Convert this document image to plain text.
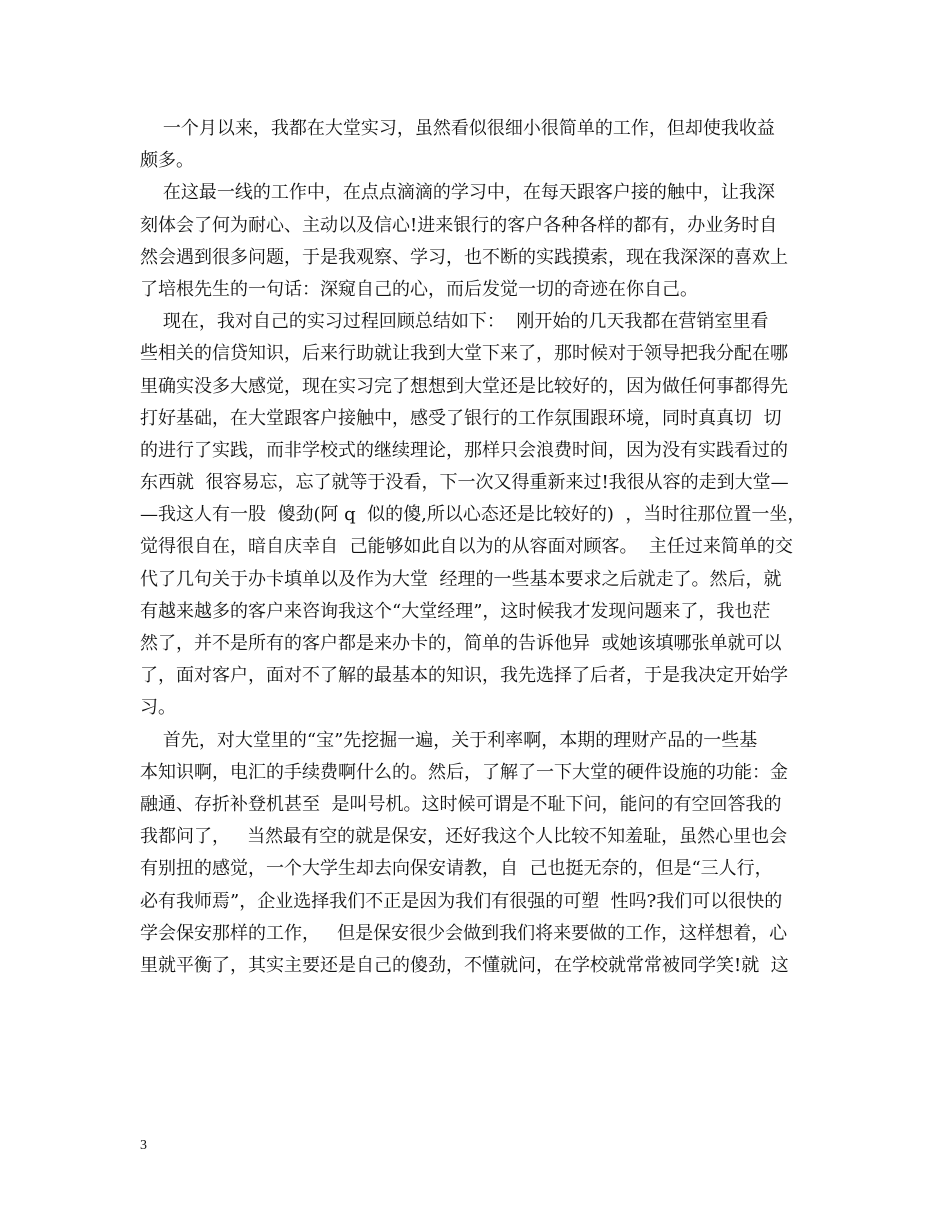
一个月以来，我都在大堂实习，虽然看似很细小很简单的工作，但却使我收益
颇多。
在这最一线的工作中，在点点滴滴的学习中，在每天跟客户接的触中，让我深
刻体会了何为耐心、主动以及信心!进来银行的客户各种各样的都有，办业务时自
然会遇到很多问题，于是我观察、学习，也不断的实践摸索，现在我深深的喜欢上
了培根先生的一句话：深窥自己的心，而后发觉一切的奇迹在你自己。
现在，我对自己的实习过程回顾总结如下：  刚开始的几天我都在营销室里看
些相关的信贷知识，后来行助就让我到大堂下来了，那时候对于领导把我分配在哪
里确实没多大感觉，现在实习完了想想到大堂还是比较好的，因为做任何事都得先
打好基础，在大堂跟客户接触中，感受了银行的工作氛围跟环境，同时真真切  切
的进行了实践，而非学校式的继续理论，那样只会浪费时间，因为没有实践看过的
东西就  很容易忘，忘了就等于没看，下一次又得重新来过!我很从容的走到大堂—
—我这人有一股  傻劲(阿 q  似的傻,所以心态还是比较好的)  ，当时往那位置一坐，
觉得很自在，暗自庆幸自  己能够如此自以为的从容面对顾客。  主任过来简单的交
代了几句关于办卡填单以及作为大堂  经理的一些基本要求之后就走了。然后，就
有越来越多的客户来咨询我这个“大堂经理”，这时候我才发现问题来了，我也茫
然了，并不是所有的客户都是来办卡的，简单的告诉他异  或她该填哪张单就可以
了，面对客户，面对不了解的最基本的知识，我先选择了后者，于是我决定开始学
习。
首先，对大堂里的“宝”先挖掘一遍，关于利率啊，本期的理财产品的一些基
本知识啊，电汇的手续费啊什么的。然后，了解了一下大堂的硬件设施的功能：金
融通、存折补登机甚至  是叫号机。这时候可谓是不耻下问，能问的有空回答我的
我都问了，   当然最有空的就是保安，还好我这个人比较不知羞耻，虽然心里也会
有别扭的感觉，一个大学生却去向保安请教，自  己也挺无奈的，但是“三人行，
必有我师焉”，企业选择我们不正是因为我们有很强的可塑  性吗?我们可以很快的
学会保安那样的工作，   但是保安很少会做到我们将来要做的工作，这样想着，心
里就平衡了，其实主要还是自己的傻劲，不懂就问，在学校就常常被同学笑!就  这
3
